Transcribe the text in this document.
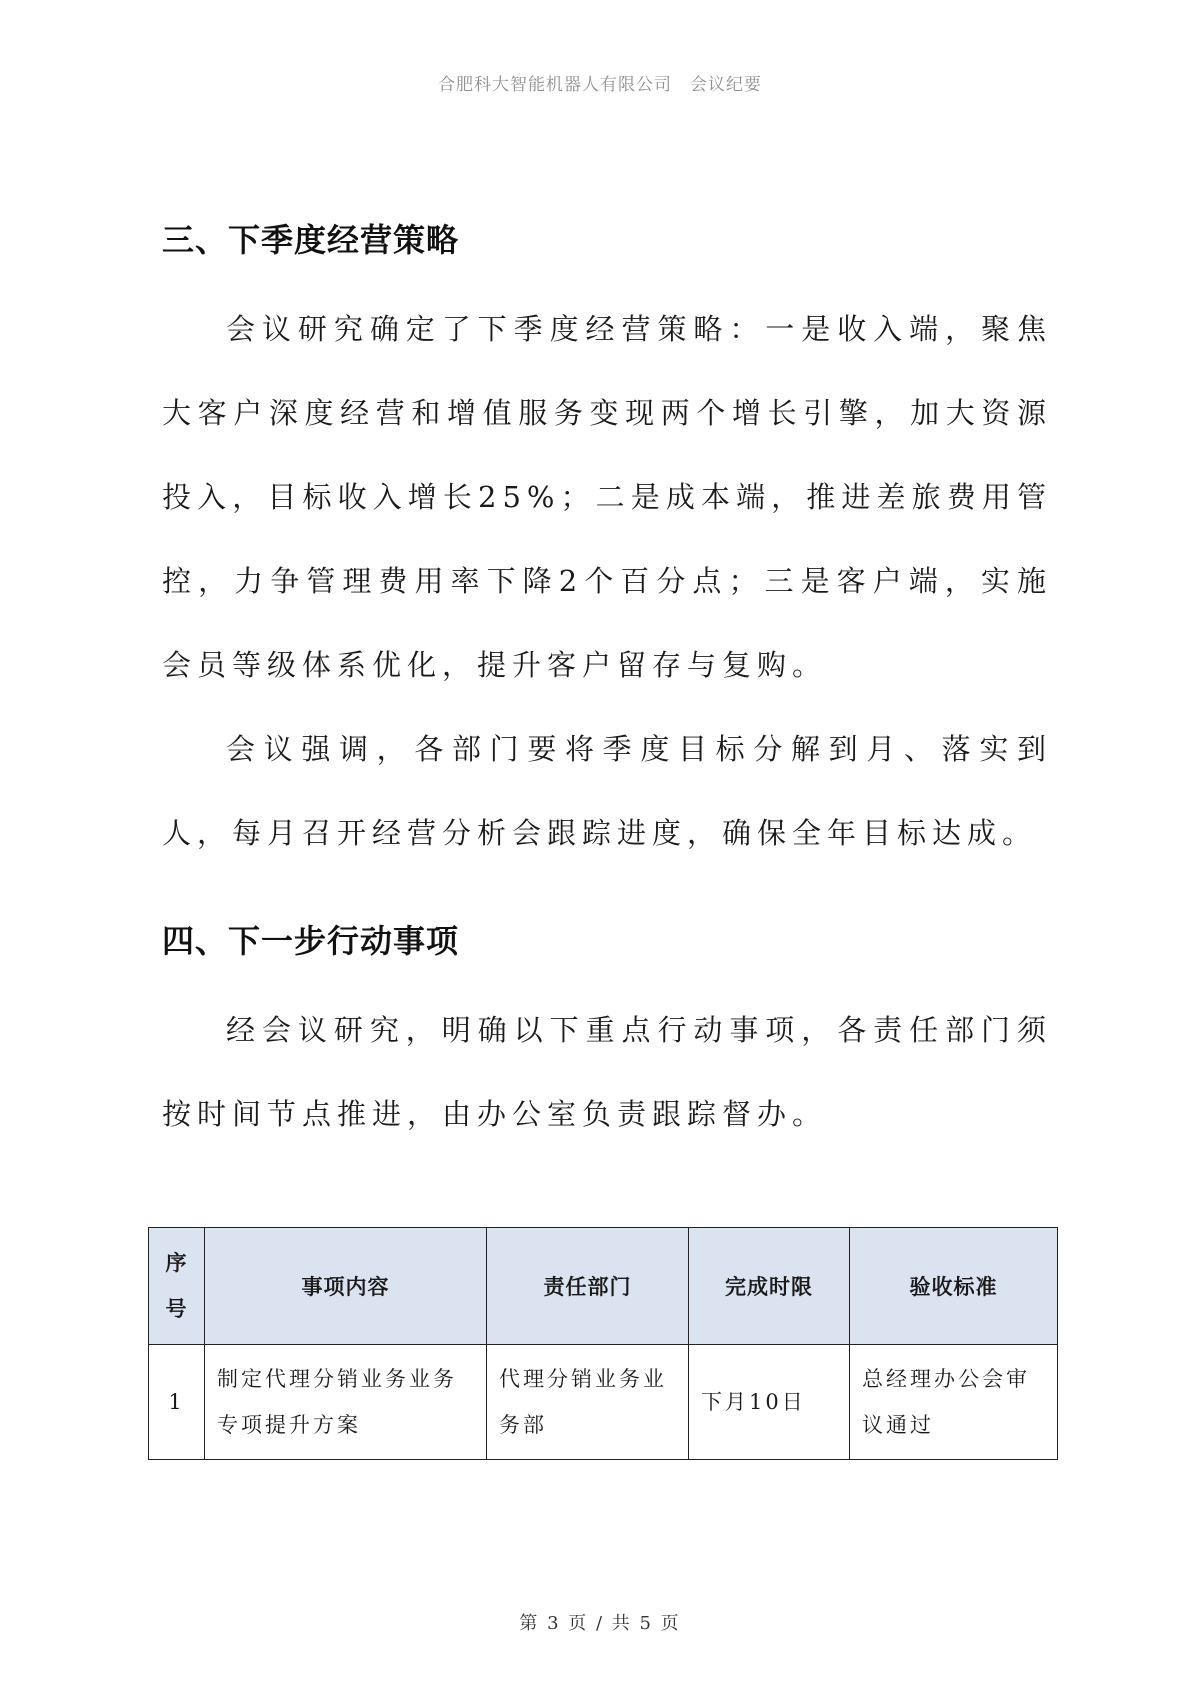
合肥科大智能机器人有限公司 会议纪要
三、下季度经营策略

会议研究确定了下季度经营策略：一是收入端，聚焦大客户深度经营和增值服务变现两个增长引擎，加大资源投入，目标收入增长25%；二是成本端，推进差旅费用管控，力争管理费用率下降2个百分点；三是客户端，实施会员等级体系优化，提升客户留存与复购。

会议强调，各部门要将季度目标分解到月、落实到人，每月召开经营分析会跟踪进度，确保全年目标达成。

四、下一步行动事项

经会议研究，明确以下重点行动事项，各责任部门须按时间节点推进，由办公室负责跟踪督办。

序号	事项内容	责任部门	完成时限	验收标准
1	制定代理分销业务业务专项提升方案	代理分销业务业务部	下月10日	总经理办公会审议通过
第 3 页 / 共 5 页
